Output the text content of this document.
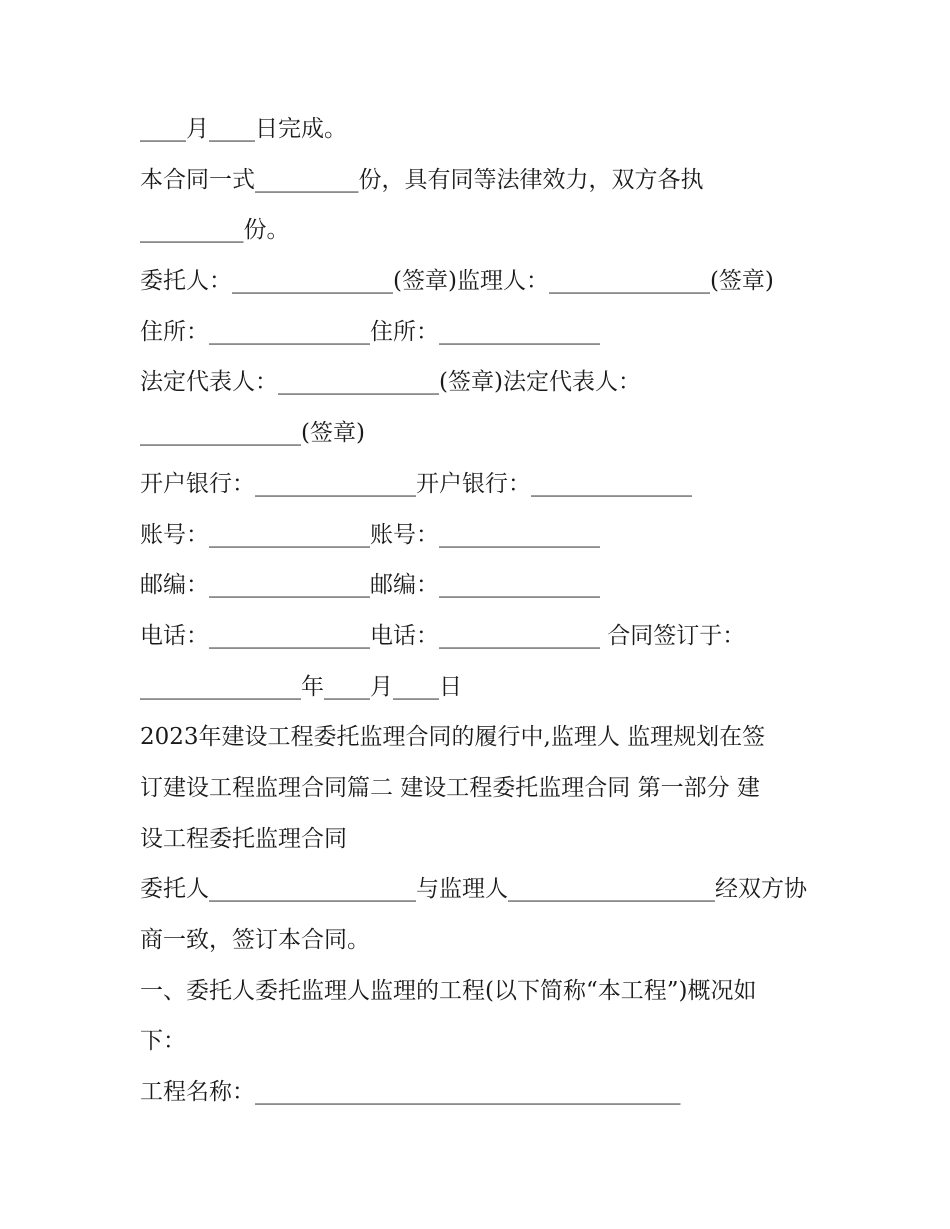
____月____日完成。
本合同一式_________份，具有同等法律效力，双方各执
_________份。
委托人：______________(签章)监理人：______________(签章)
住所：______________住所：______________
法定代表人：______________(签章)法定代表人：
______________(签章)
开户银行：______________开户银行：______________
账号：______________账号：______________
邮编：______________邮编：______________
电话：______________电话：______________ 合同签订于：
______________年____月____日
2023年建设工程委托监理合同的履行中,监理人 监理规划在签
订建设工程监理合同篇二 建设工程委托监理合同 第一部分 建
设工程委托监理合同
委托人__________________与监理人__________________经双方协
商一致，签订本合同。
一、委托人委托监理人监理的工程(以下简称“本工程”)概况如
下：
工程名称：_____________________________________
